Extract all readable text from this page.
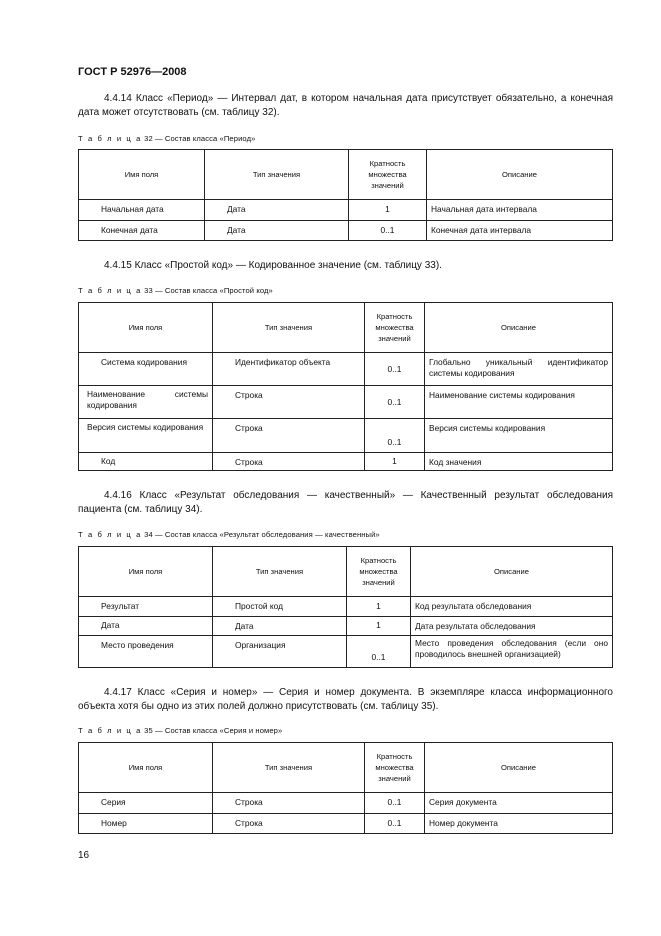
ГОСТ Р 52976—2008
4.4.14 Класс «Период» — Интервал дат, в котором начальная дата присутствует обязательно, а конечная дата может отсутствовать (см. таблицу 32).
Т а б л и ц а 32 — Состав класса «Период»
Имя поля	Тип значения	Кратность множества значений	Описание
Начальная дата	Дата	1	Начальная дата интервала
Конечная дата	Дата	0..1	Конечная дата интервала
4.4.15 Класс «Простой код» — Кодированное значение (см. таблицу 33).
Т а б л и ц а 33 — Состав класса «Простой код»
Имя поля	Тип значения	Кратность множества значений	Описание
Система кодирования	Идентификатор объекта	0..1	Глобально уникальный идентификатор системы кодирования
Наименование системы кодирования	Строка	0..1	Наименование системы кодирования
Версия системы кодирования	Строка	0..1	Версия системы кодирования
Код	Строка	1	Код значения
4.4.16 Класс «Результат обследования — качественный» — Качественный результат обследования пациента (см. таблицу 34).
Т а б л и ц а 34 — Состав класса «Результат обследования — качественный»
Имя поля	Тип значения	Кратность множества значений	Описание
Результат	Простой код	1	Код результата обследования
Дата	Дата	1	Дата результата обследования
Место проведения	Организация	0..1	Место проведения обследования (если оно проводилось внешней организацией)
4.4.17 Класс «Серия и номер» — Серия и номер документа. В экземпляре класса информационного объекта хотя бы одно из этих полей должно присутствовать (см. таблицу 35).
Т а б л и ц а 35 — Состав класса «Серия и номер»
Имя поля	Тип значения	Кратность множества значений	Описание
Серия	Строка	0..1	Серия документа
Номер	Строка	0..1	Номер документа
16
